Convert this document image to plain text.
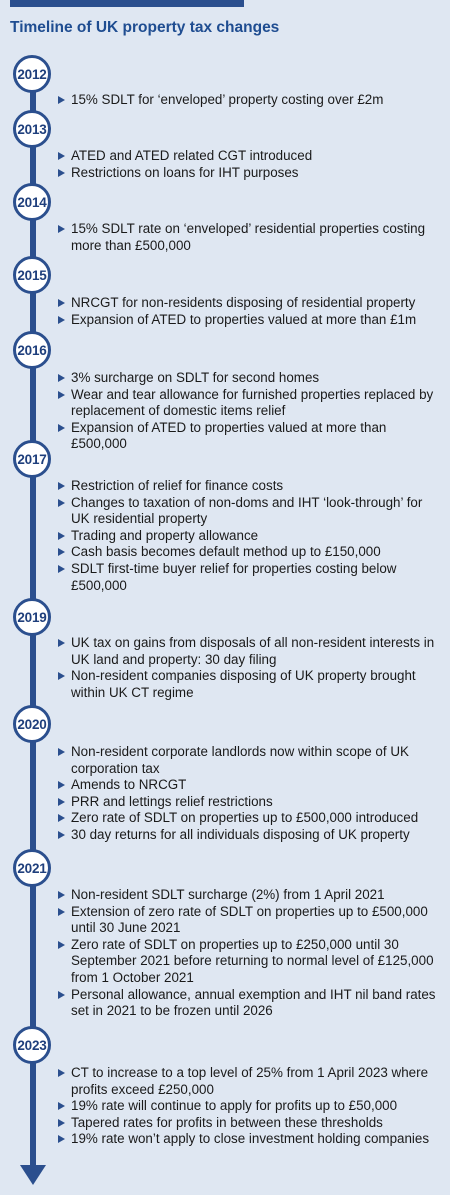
Timeline of UK property tax changes
2012
15% SDLT for ‘enveloped’ property costing over £2m
2013
ATED and ATED related CGT introduced
Restrictions on loans for IHT purposes
2014
15% SDLT rate on ‘enveloped’ residential properties costing more than £500,000
2015
NRCGT for non-residents disposing of residential property
Expansion of ATED to properties valued at more than £1m
2016
3% surcharge on SDLT for second homes
Wear and tear allowance for furnished properties replaced by replacement of domestic items relief
Expansion of ATED to properties valued at more than £500,000
2017
Restriction of relief for finance costs
Changes to taxation of non-doms and IHT ‘look-through’ for UK residential property
Trading and property allowance
Cash basis becomes default method up to £150,000
SDLT first-time buyer relief for properties costing below £500,000
2019
UK tax on gains from disposals of all non-resident interests in UK land and property: 30 day filing
Non-resident companies disposing of UK property brought within UK CT regime
2020
Non-resident corporate landlords now within scope of UK corporation tax
Amends to NRCGT
PRR and lettings relief restrictions
Zero rate of SDLT on properties up to £500,000 introduced
30 day returns for all individuals disposing of UK property
2021
Non-resident SDLT surcharge (2%) from 1 April 2021
Extension of zero rate of SDLT on properties up to £500,000 until 30 June 2021
Zero rate of SDLT on properties up to £250,000 until 30 September 2021 before returning to normal level of £125,000 from 1 October 2021
Personal allowance, annual exemption and IHT nil band rates set in 2021 to be frozen until 2026
2023
CT to increase to a top level of 25% from 1 April 2023 where profits exceed £250,000
19% rate will continue to apply for profits up to £50,000
Tapered rates for profits in between these thresholds
19% rate won’t apply to close investment holding companies
